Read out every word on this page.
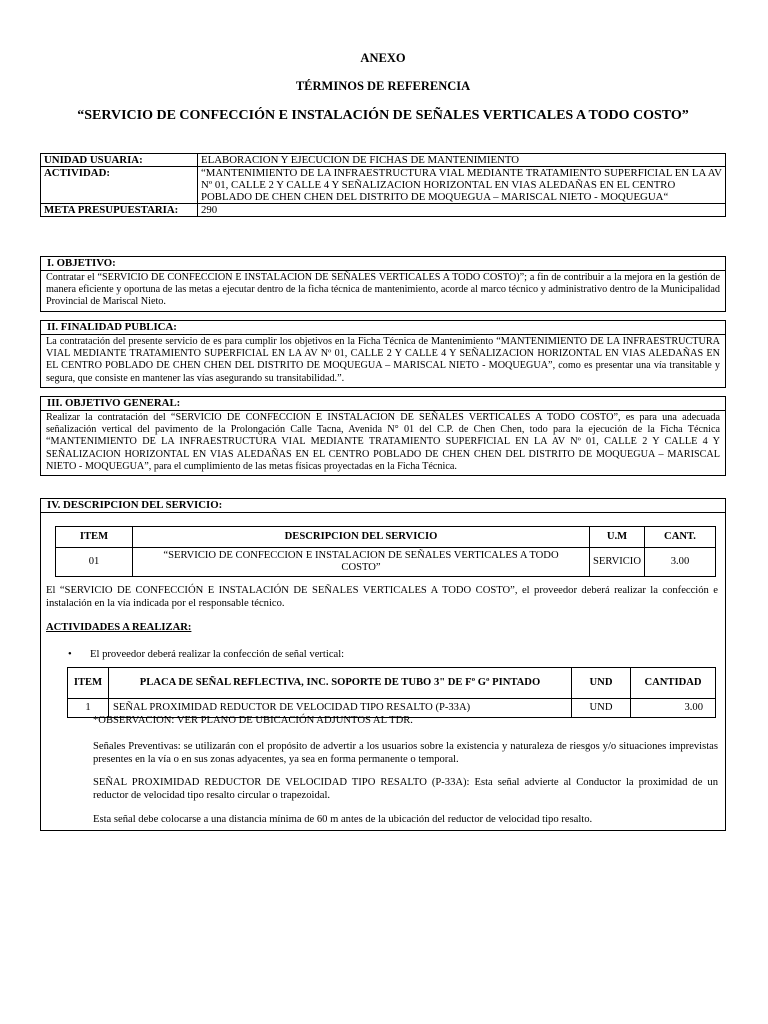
ANEXO
TÉRMINOS DE REFERENCIA
“SERVICIO DE CONFECCIÓN E INSTALACIÓN DE SEÑALES VERTICALES A TODO COSTO”
UNIDAD USUARIA:	ELABORACION Y EJECUCION DE FICHAS DE MANTENIMIENTO
ACTIVIDAD:	“MANTENIMIENTO DE LA INFRAESTRUCTURA VIAL MEDIANTE TRATAMIENTO SUPERFICIAL EN LA AV Nº 01, CALLE 2 Y CALLE 4 Y SEÑALIZACION HORIZONTAL EN VIAS ALEDAÑAS EN EL CENTRO POBLADO DE CHEN CHEN DEL DISTRITO DE MOQUEGUA – MARISCAL NIETO - MOQUEGUA“
META PRESUPUESTARIA:	290
I. OBJETIVO:
Contratar el “SERVICIO DE CONFECCION E INSTALACION DE SEÑALES VERTICALES A TODO COSTO)”; a fin de contribuir a la mejora en la gestión de manera eficiente y oportuna de las metas a ejecutar dentro de la ficha técnica de mantenimiento, acorde al marco técnico y administrativo dentro de la Municipalidad Provincial de Mariscal Nieto.
II. FINALIDAD PUBLICA:
La contratación del presente servicio de es para cumplir los objetivos en la Ficha Técnica de Mantenimiento “MANTENIMIENTO DE LA INFRAESTRUCTURA VIAL MEDIANTE TRATAMIENTO SUPERFICIAL EN LA AV Nº 01, CALLE 2 Y CALLE 4 Y SEÑALIZACION HORIZONTAL EN VIAS ALEDAÑAS EN EL CENTRO POBLADO DE CHEN CHEN DEL DISTRITO DE MOQUEGUA – MARISCAL NIETO - MOQUEGUA”, como es presentar una vía transitable y segura, que consiste en mantener las vías asegurando su transitabilidad.”.
III. OBJETIVO GENERAL:
Realizar la contratación del “SERVICIO DE CONFECCION E INSTALACION DE SEÑALES VERTICALES A TODO COSTO”, es para una adecuada señalización vertical del pavimento de la Prolongación Calle Tacna, Avenida N° 01 del C.P. de Chen Chen, todo para la ejecución de la Ficha Técnica “MANTENIMIENTO DE LA INFRAESTRUCTURA VIAL MEDIANTE TRATAMIENTO SUPERFICIAL EN LA AV Nº 01, CALLE 2 Y CALLE 4 Y SEÑALIZACION HORIZONTAL EN VIAS ALEDAÑAS EN EL CENTRO POBLADO DE CHEN CHEN DEL DISTRITO DE MOQUEGUA – MARISCAL NIETO - MOQUEGUA”, para el cumplimiento de las metas físicas proyectadas en la Ficha Técnica.
IV. DESCRIPCION DEL SERVICIO:
ITEM	DESCRIPCION DEL SERVICIO	U.M	CANT.
01	“SERVICIO DE CONFECCION E INSTALACION DE SEÑALES VERTICALES A TODO COSTO”	SERVICIO	3.00
El “SERVICIO DE CONFECCIÓN E INSTALACIÓN DE SEÑALES VERTICALES A TODO COSTO”, el proveedor deberá realizar la confección e instalación en la vía indicada por el responsable técnico.
ACTIVIDADES A REALIZAR:
• El proveedor deberá realizar la confección de señal vertical:
ITEM	PLACA DE SEÑAL REFLECTIVA, INC. SOPORTE DE TUBO 3" DE Fº Gº PINTADO	UND	CANTIDAD
1	SEÑAL PROXIMIDAD REDUCTOR DE VELOCIDAD TIPO RESALTO (P-33A)	UND	3.00
*OBSERVACION: VER PLANO DE UBICACIÓN ADJUNTOS AL TDR.
Señales Preventivas: se utilizarán con el propósito de advertir a los usuarios sobre la existencia y naturaleza de riesgos y/o situaciones imprevistas presentes en la vía o en sus zonas adyacentes, ya sea en forma permanente o temporal.
SEÑAL PROXIMIDAD REDUCTOR DE VELOCIDAD TIPO RESALTO (P-33A): Esta señal advierte al Conductor la proximidad de un reductor de velocidad tipo resalto circular o trapezoidal.
Esta señal debe colocarse a una distancia mínima de 60 m antes de la ubicación del reductor de velocidad tipo resalto.
